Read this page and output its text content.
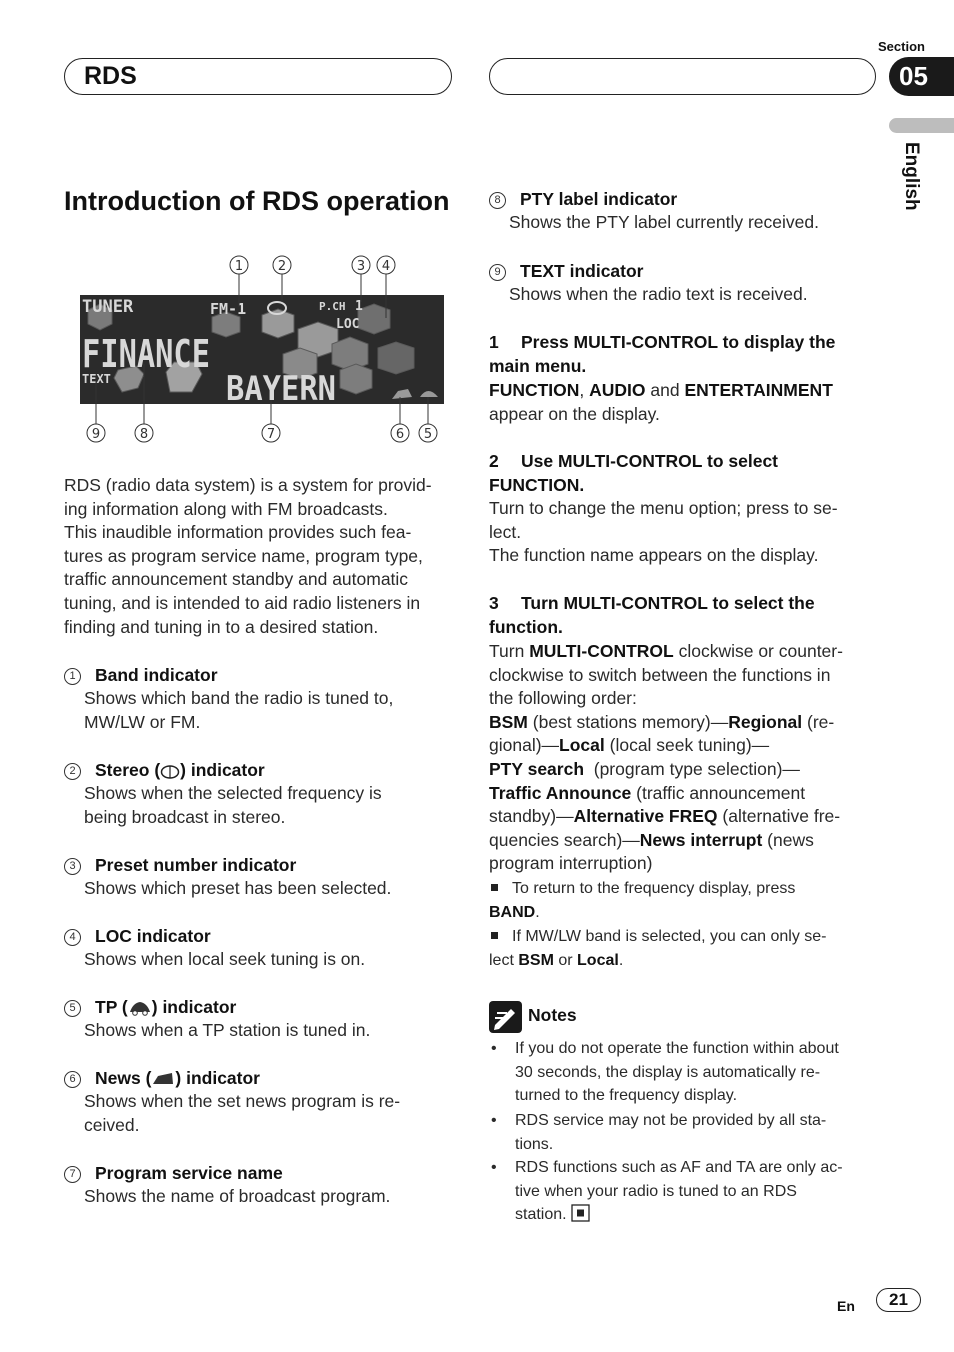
RDS
Section
05
English
Introduction of RDS operation
1	2	3 4
TUNER	FM-1	P.CH 1
LOC
FINANCE
TEXT	BAYERN
9	8	7	6 5
RDS (radio data system) is a system for provid-
ing information along with FM broadcasts.
This inaudible information provides such fea-
tures as program service name, program type,
traffic announcement standby and automatic
tuning, and is intended to aid radio listeners in
finding and tuning in to a desired station.
1 Band indicator
Shows which band the radio is tuned to,
MW/LW or FM.
2 Stereo ( ) indicator
Shows when the selected frequency is
being broadcast in stereo.
3 Preset number indicator
Shows which preset has been selected.
4 LOC indicator
Shows when local seek tuning is on.
5 TP ( ) indicator
Shows when a TP station is tuned in.
6 News ( ) indicator
Shows when the set news program is re-
ceived.
7 Program service name
Shows the name of broadcast program.
8 PTY label indicator
Shows the PTY label currently received.
9 TEXT indicator
Shows when the radio text is received.
1 Press MULTI-CONTROL to display the
main menu.
FUNCTION, AUDIO and ENTERTAINMENT
appear on the display.
2 Use MULTI-CONTROL to select
FUNCTION.
Turn to change the menu option; press to se-
lect.
The function name appears on the display.
3 Turn MULTI-CONTROL to select the
function.
Turn MULTI-CONTROL clockwise or counter-
clockwise to switch between the functions in
the following order:
BSM (best stations memory)—Regional (re-
gional)—Local (local seek tuning)—
PTY search  (program type selection)—
Traffic Announce (traffic announcement
standby)—Alternative FREQ (alternative fre-
quencies search)—News interrupt (news
program interruption)
To return to the frequency display, press
BAND.
If MW/LW band is selected, you can only se-
lect BSM or Local.
Notes
• If you do not operate the function within about
30 seconds, the display is automatically re-
turned to the frequency display.
• RDS service may not be provided by all sta-
tions.
• RDS functions such as AF and TA are only ac-
tive when your radio is tuned to an RDS
station.
En	21
